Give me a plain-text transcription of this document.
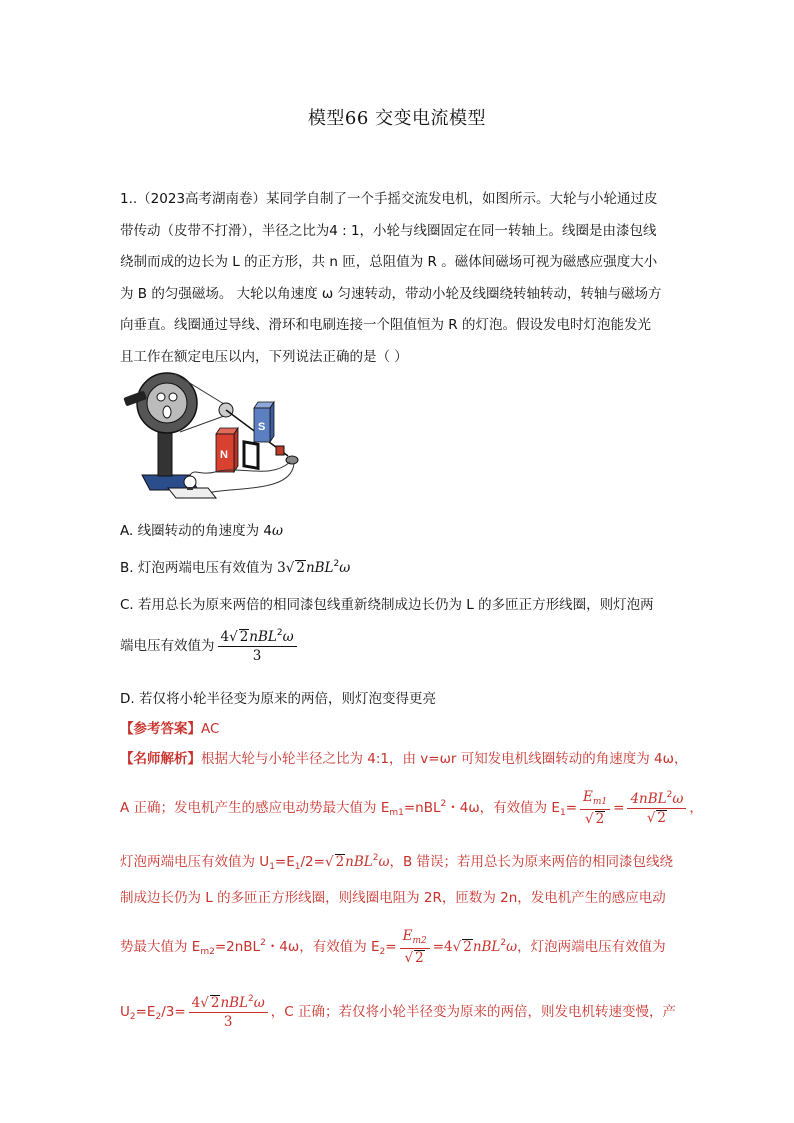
模型66 交变电流模型
1..（2023高考湖南卷）某同学自制了一个手摇交流发电机，如图所示。大轮与小轮通过皮
带传动（皮带不打滑），半径之比为4 : 1，小轮与线圈固定在同一转轴上。线圈是由漆包线
绕制而成的边长为 L 的正方形，共 n 匝，总阻值为 R 。磁体间磁场可视为磁感应强度大小
为 B 的匀强磁场。 大轮以角速度 ω 匀速转动，带动小轮及线圈绕转轴转动，转轴与磁场方
向垂直。线圈通过导线、滑环和电刷连接一个阻值恒为 R 的灯泡。假设发电时灯泡能发光
且工作在额定电压以内，下列说法正确的是（ ）
N
S
A. 线圈转动的角速度为 4ω
B. 灯泡两端电压有效值为 3√ 2nBL$^2$ω
C. 若用总长为原来两倍的相同漆包线重新绕制成边长仍为 L 的多匝正方形线圈，则灯泡两
端电压有效值为 $\frac{4√ 2nBL^2\omega}{3}$
D. 若仅将小轮半径变为原来的两倍，则灯泡变得更亮
【参考答案】AC
【名师解析】根据大轮与小轮半径之比为 4:1，由 v=ωr 可知发电机线圈转动的角速度为 4ω，
A 正确；发电机产生的感应电动势最大值为 $E_{m1}=nBL^2$・4ω，有效值为 $E_1= \frac{E_{m1}}{√ 2} = \frac{4nBL^2\omega}{√ 2}$ ，
灯泡两端电压有效值为 $U_1=E_1/2=√$ 2nBL$^2$ω，B 错误；若用总长为原来两倍的相同漆包线绕
制成边长仍为 L 的多匝正方形线圈，则线圈电阻为 2R，匝数为 2n，发电机产生的感应电动
势最大值为 $E_{m2}=2nBL^2$・4ω，有效值为 $E_2= \frac{E_{m2}}{√ 2} =4√$ 2nBL$^2$ω，灯泡两端电压有效值为
$U_2=E_2/3= \frac{4√ 2nBL^2\omega}{3}$ ，C 正确；若仅将小轮半径变为原来的两倍，则发电机转速变慢，产
